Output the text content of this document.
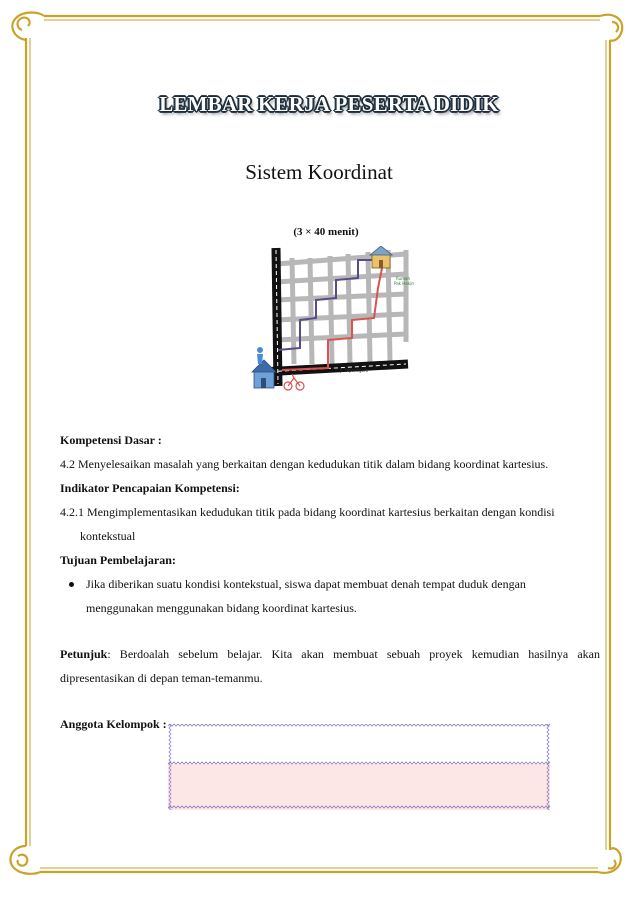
LEMBAR KERJA PESERTA DIDIK
Sistem Koordinat
(3 × 40 menit)
Rumah
Pak Hakim
Jl. Diponegoro

Kompetensi Dasar :

4.2 Menyelesaikan masalah yang berkaitan dengan kedudukan titik dalam bidang koordinat kartesius.

Indikator Pencapaian Kompetensi:

4.2.1 Mengimplementasikan kedudukan titik pada bidang koordinat kartesius berkaitan dengan kondisi

kontekstual

Tujuan Pembelajaran:

Jika diberikan suatu kondisi kontekstual, siswa dapat membuat denah tempat duduk dengan

menggunakan menggunakan bidang koordinat kartesius.

Petunjuk: Berdoalah sebelum belajar. Kita akan membuat sebuah proyek kemudian hasilnya akan

dipresentasikan di depan teman-temanmu.

Anggota Kelompok :
